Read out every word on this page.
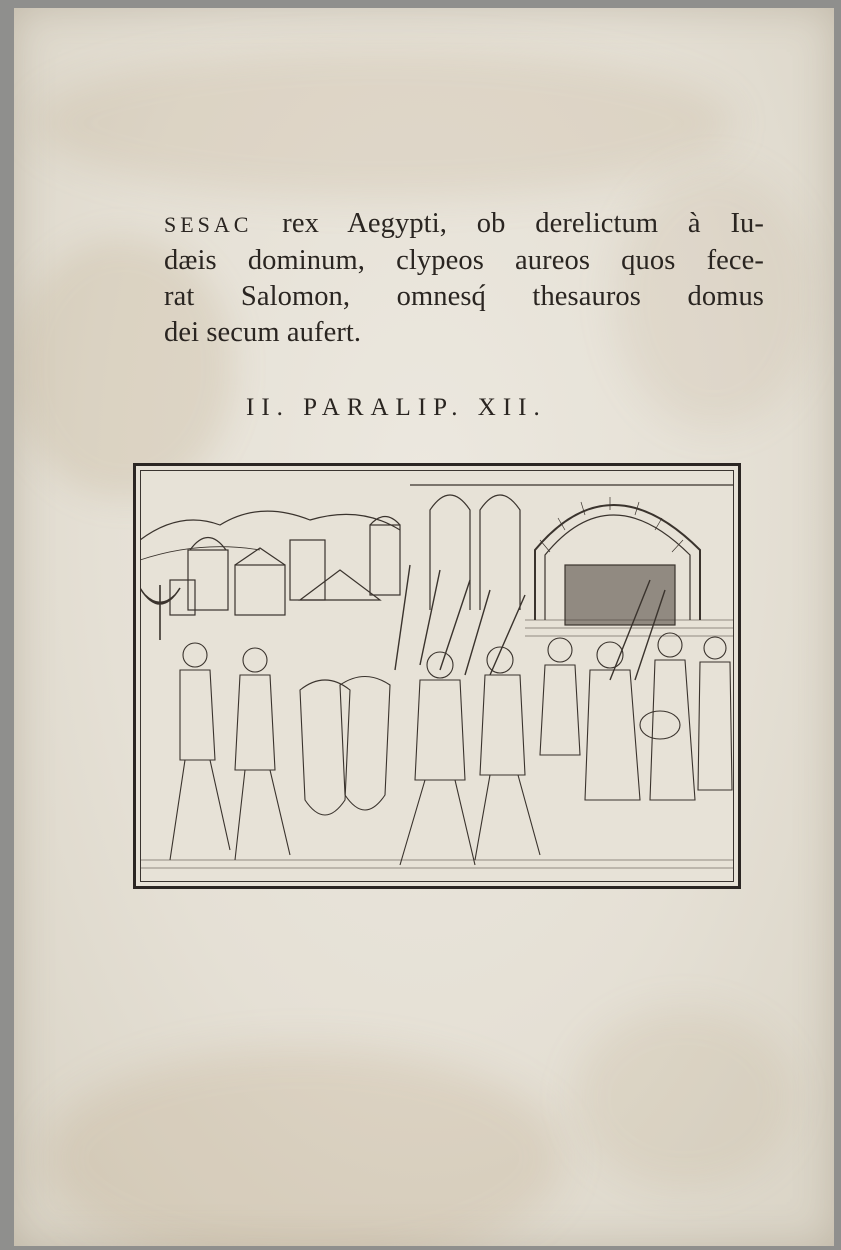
SESAC rex Aegypti, ob derelictum à Iu-
dæis dominum, clypeos aureos quos fece-
rat Salomon, omnesq́ thesauros domus
dei secum aufert.
II. PARALIP. XII.
